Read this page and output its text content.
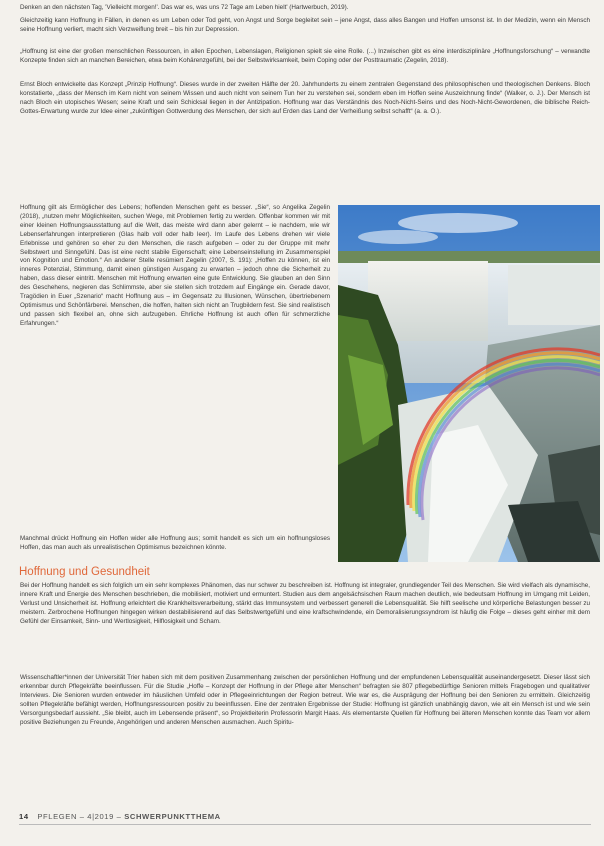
Denken an den nächsten Tag, 'Vielleicht morgen!'. Das war es, was uns 72 Tage am Leben hielt' (Hartwerbuch, 2019).

Gleichzeitig kann Hoffnung in Fällen, in denen es um Leben oder Tod geht, von Angst und Sorge begleitet sein – jene Angst, dass alles Bangen und Hoffen umsonst ist. In der Medizin, wenn ein Mensch seine Hoffnung verliert, macht sich Verzweiflung breit – bis hin zur Depression.

„Hoffnung ist eine der großen menschlichen Ressourcen, in allen Epochen, Lebenslagen, Religionen spielt sie eine Rolle. (...) Inzwischen gibt es eine interdisziplinäre „Hoffnungsforschung“ – verwandte Konzepte finden sich an manchen Bereichen, etwa beim Kohärenzgefühl, bei der Selbstwirksamkeit, beim Coping oder der Posttraumatic (Zegelin, 2018).

Ernst Bloch entwickelte das Konzept „Prinzip Hoffnung“. Dieses wurde in der zweiten Hälfte der 20. Jahrhunderts zu einem zentralen Gegenstand des philosophischen und theologischen Denkens. Bloch konstatierte, „dass der Mensch im Kern nicht von seinem Wissen und auch nicht von seinem Tun her zu verstehen sei, sondern eben im Hoffen seine Auszeichnung finde“ (Walker, o. J.). Der Mensch ist nach Bloch ein utopisches Wesen; seine Kraft und sein Schicksal liegen in der Antizipation. Hoffnung war das Verständnis des Noch-Nicht-Seins und des Noch-Nicht-Gewordenen, die biblische Reich-Gottes-Erwartung wurde zur Idee einer „zukünftigen Gottwerdung des Menschen, der sich auf Erden das Land der Verheißung selbst schafft“ (a. a. O.).

Hoffnung gilt als Ermöglicher des Lebens; hoffenden Menschen geht es besser. „Sie“, so Angelika Zegelin (2018), „nutzen mehr Möglichkeiten, suchen Wege, mit Problemen fertig zu werden. Offenbar kommen wir mit einer kleinen Hoffnungsausstattung auf die Welt, das meiste wird dann aber gelernt – ie nachdem, wie wir Lebenserfahrungen interpretieren (Glas halb voll oder halb leer). Im Laufe des Lebens drehen wir viele Erlebnisse und gehören so eher zu den Menschen, die rasch aufgeben – oder zu der Gruppe mit mehr Selbstwert und Sinngefühl. Das ist eine recht stabile Eigenschaft; eine Lebenseinstellung im Zusammenspiel von Kognition und Emotion.“ An anderer Stelle resümiert Zegelin (2007, S. 191): „Hoffen zu können, ist ein inneres Potenzial, Stimmung, damit einen günstigen Ausgang zu erwarten – jedoch ohne die Sicherheit zu haben, dass dieser eintritt. Menschen mit Hoffnung erwarten eine gute Entwicklung. Sie glauben an den Sinn des Geschehens, negieren das Schlimmste, aber sie stellen sich trotzdem auf Eingänge ein. Gerade davor, Tragödien in Euer „Szenario“ macht Hoffnung aus – im Gegensatz zu Illusionen, Wünschen, übertriebenem Optimismus und Schönfärberei. Menschen, die hoffen, halten sich nicht an Trugbildern fest. Sie sind realistisch und passen sich flexibel an, ohne sich aufzugeben. Ehrliche Hoffnung ist auch offen für schmerzliche Erfahrungen.“

Manchmal drückt Hoffnung ein Hoffen wider alle Hoffnung aus; somit handelt es sich um ein hoffnungsloses Hoffen, das man auch als unrealistischen Optimismus bezeichnen könnte.

Hoffnung und Gesundheit

Bei der Hoffnung handelt es sich folglich um ein sehr komplexes Phänomen, das nur schwer zu beschreiben ist. Hoffnung ist integraler, grundlegender Teil des Menschen. Sie wird vielfach als dynamische, innere Kraft und Energie des Menschen beschrieben, die mobilisiert, motiviert und ermuntert. Studien aus dem angelsächsischen Raum machen deutlich, wie bedeutsam Hoffnung im Umgang mit Leiden, Verlust und Unsicherheit ist. Hoffnung erleichtert die Krankheitsverarbeitung, stärkt das Immunsystem und verbessert generell die Lebensqualität. Sie hilft seelische und körperliche Belastungen besser zu meistern. Zerbrochene Hoffnungen hingegen wirken destabilisierend auf das Selbstwertgefühl und eine kraftschwindende, ein Demoralisierungssyndrom ist häufig die Folge – dieses geht einher mit dem Gefühl der Einsamkeit, Sinn- und Wertlosigkeit, Hilflosigkeit und Scham.

Wissenschaftler*innen der Universität Trier haben sich mit dem positiven Zusammenhang zwischen der persönlichen Hoffnung und der empfundenen Lebensqualität auseinandergesetzt. Dieser lässt sich erkennbar durch Pflegekräfte beeinflussen. Für die Studie „Hoffe – Konzept der Hoffnung in der Pflege alter Menschen“ befragten sie 807 pflegebedürftige Senioren mittels Fragebogen und qualitativer Interviews. Die Senioren wurden entweder im häuslichen Umfeld oder in Pflegeeinrichtungen der Region betreut. Wie war es, die Ausprägung der Hoffnung bei den Senioren zu ermitteln. Gleichzeitig sollten Pflegekräfte befähigt werden, Hoffnungsressourcen positiv zu beeinflussen. Eine der zentralen Ergebnisse der Studie: Hoffnung ist gänzlich unabhängig davon, wie alt ein Mensch ist und wie sein Versorgungsbedarf aussieht. „Sie bleibt, auch im Lebensende präsent“, so Projektleiterin Professorin Margit Haas. Als elementarste Quellen für Hoffnung bei älteren Menschen konnte das Team vor allem positive Beziehungen zu Freunde, Angehörigen und anderen Menschen ausmachen. Auch Spiritu-

14 PFLEGEN – 4|2019 – SCHWERPUNKTTHEMA
